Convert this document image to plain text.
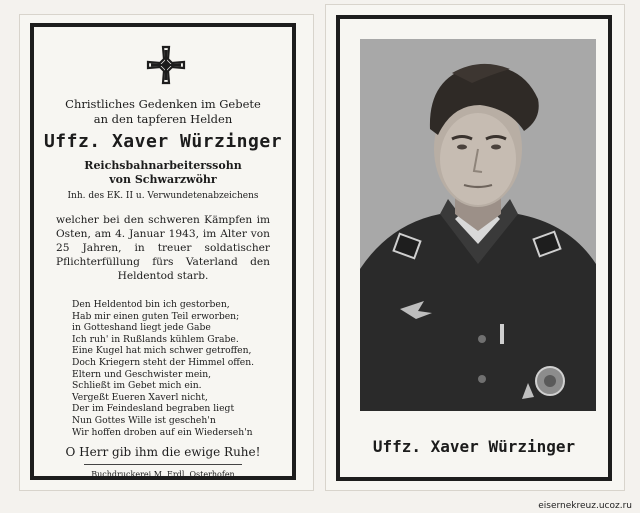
Christliches Gedenken im Gebete
an den tapferen Helden
Uffz. Xaver Würzinger
Reichsbahnarbeiterssohn
von Schwarzwöhr
Inh. des EK. II u. Verwundetenabzeichens
welcher bei den schweren Kämpfen im Osten, am 4. Januar 1943, im Alter von 25 Jahren, in treuer soldatischer Pflichterfüllung fürs Vaterland den Heldentod starb.
Den Heldentod bin ich gestorben,
Hab mir einen guten Teil erworben;
in Gotteshand liegt jede Gabe
Ich ruh' in Rußlands kühlem Grabe.
Eine Kugel hat mich schwer getroffen,
Doch Kriegern steht der Himmel offen.
Eltern und Geschwister mein,
Schließt im Gebet mich ein.
Vergeßt Eueren Xaverl nicht,
Der im Feindesland begraben liegt
Nun Gottes Wille ist gescheh'n
Wir hoffen droben auf ein Wiederseh'n
O Herr gib ihm die ewige Ruhe!
Buchdruckerei M. Erdl, Osterhofen
Uffz. Xaver Würzinger
eisernekreuz.ucoz.ru
